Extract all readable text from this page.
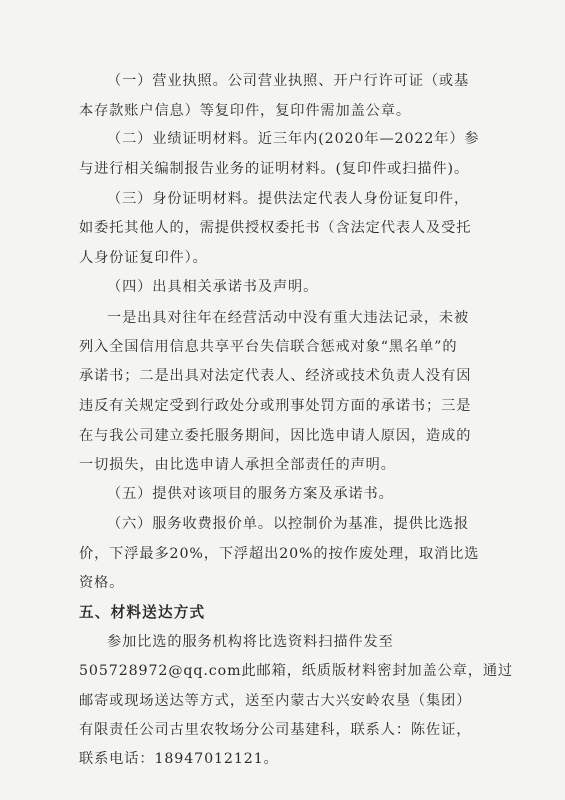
（一）营业执照。公司营业执照、开户行许可证（或基
本存款账户信息）等复印件，复印件需加盖公章。
（二）业绩证明材料。近三年内(2020年—2022年）参
与进行相关编制报告业务的证明材料。(复印件或扫描件)。
（三）身份证明材料。提供法定代表人身份证复印件，
如委托其他人的，需提供授权委托书（含法定代表人及受托
人身份证复印件）。
（四）出具相关承诺书及声明。
一是出具对往年在经营活动中没有重大违法记录，未被
列入全国信用信息共享平台失信联合惩戒对象“黑名单”的
承诺书；二是出具对法定代表人、经济或技术负责人没有因
违反有关规定受到行政处分或刑事处罚方面的承诺书；三是
在与我公司建立委托服务期间，因比选申请人原因，造成的
一切损失，由比选申请人承担全部责任的声明。
（五）提供对该项目的服务方案及承诺书。
（六）服务收费报价单。以控制价为基准，提供比选报
价，下浮最多20%，下浮超出20%的按作废处理，取消比选
资格。
五、材料送达方式
参加比选的服务机构将比选资料扫描件发至
505728972@qq.com此邮箱，纸质版材料密封加盖公章，通过
邮寄或现场送达等方式，送至内蒙古大兴安岭农垦（集团）
有限责任公司古里农牧场分公司基建科，联系人：陈佐证，
联系电话：18947012121。
